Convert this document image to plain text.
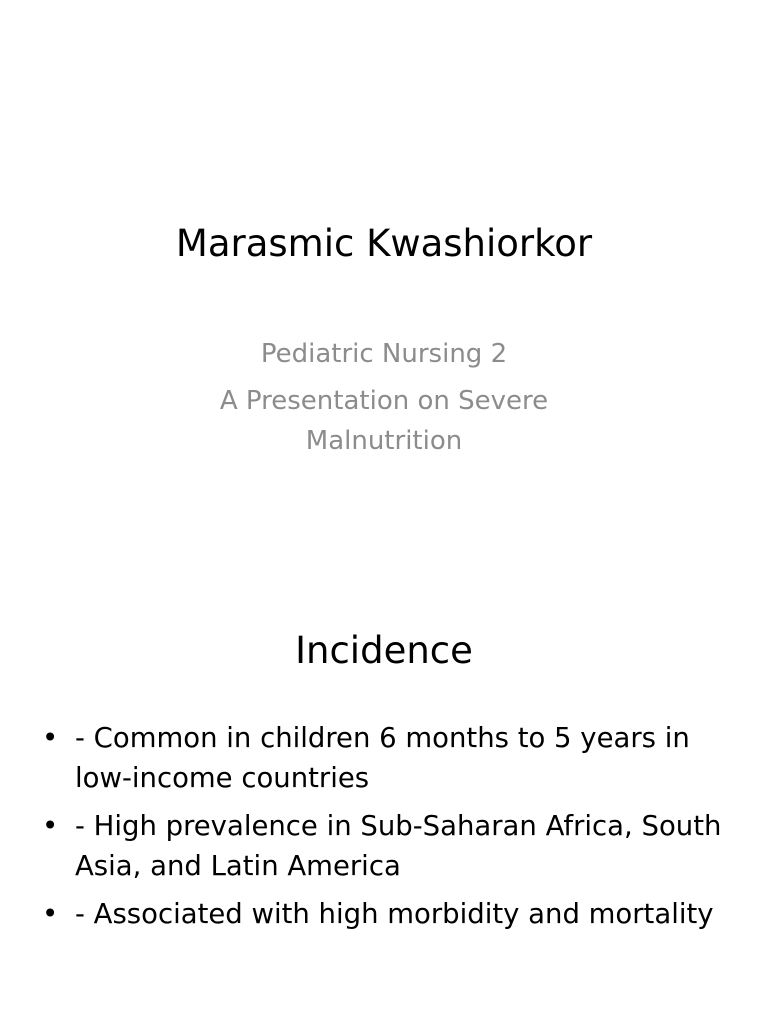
Marasmic Kwashiorkor
Pediatric Nursing 2
A Presentation on Severe Malnutrition
Incidence
• - Common in children 6 months to 5 years in low-income countries
• - High prevalence in Sub-Saharan Africa, South Asia, and Latin America
• - Associated with high morbidity and mortality
